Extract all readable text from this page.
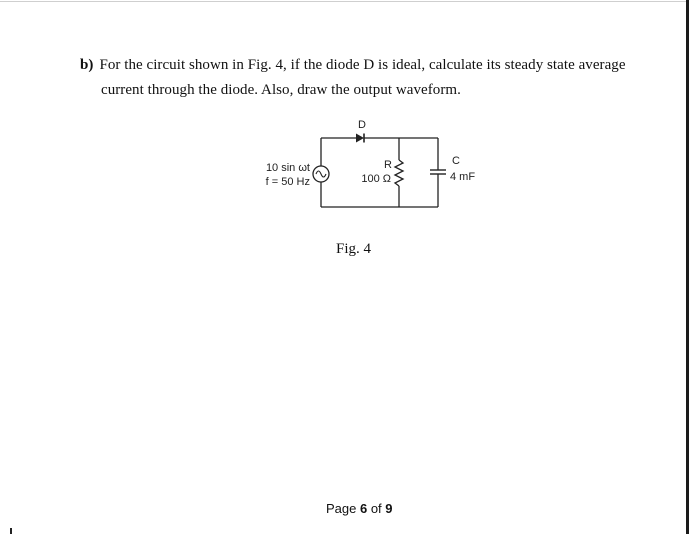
b) For the circuit shown in Fig. 4, if the diode D is ideal, calculate its steady state average
current through the diode. Also, draw the output waveform.
D
10 sin ωt
f = 50 Hz
R
100 Ω
C
4 mF
Fig. 4
Page 6 of 9
